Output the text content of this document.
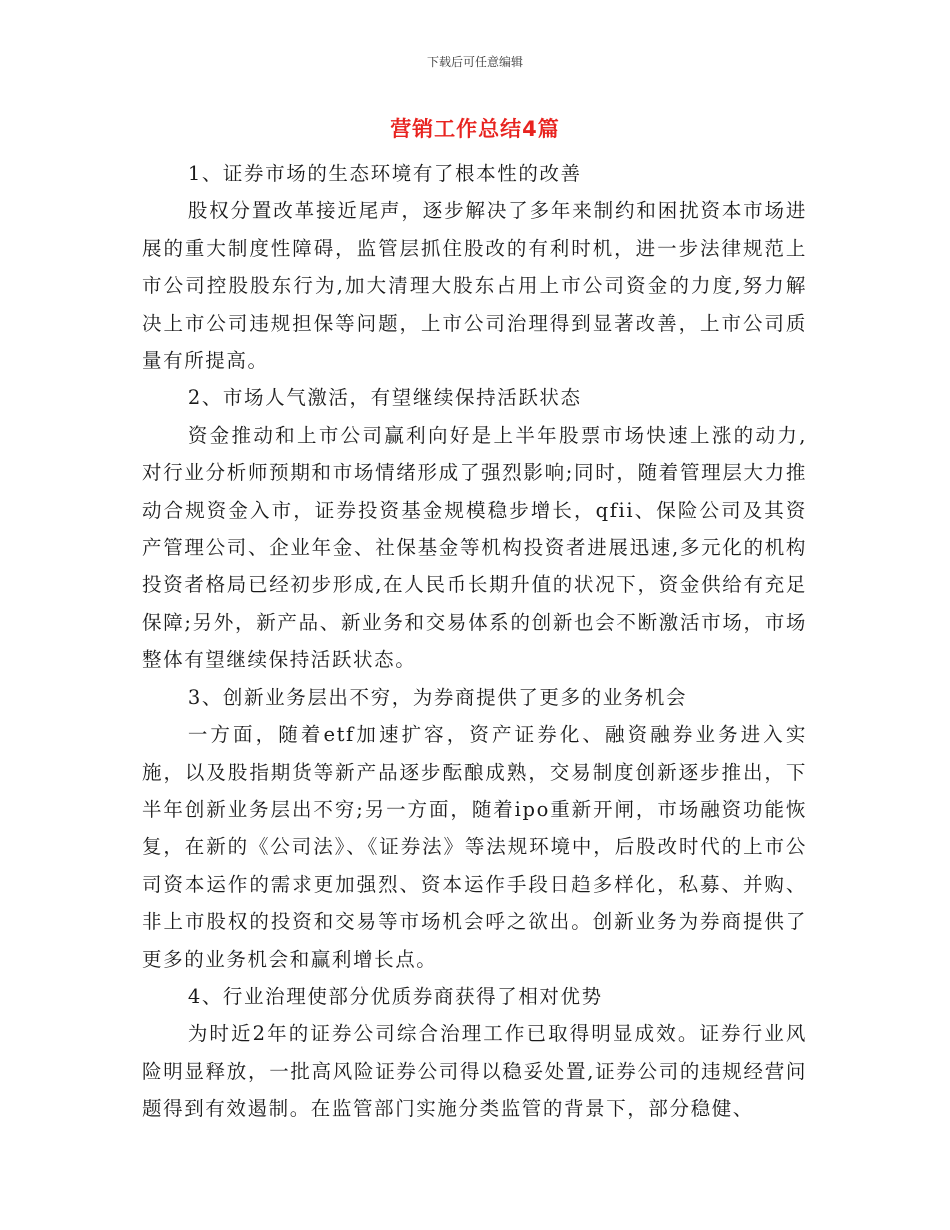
下载后可任意编辑
营销工作总结4篇

1、证券市场的生态环境有了根本性的改善

股权分置改革接近尾声，逐步解决了多年来制约和困扰资本市场进展的重大制度性障碍，监管层抓住股改的有利时机，进一步法律规范上市公司控股股东行为,加大清理大股东占用上市公司资金的力度,努力解决上市公司违规担保等问题，上市公司治理得到显著改善，上市公司质量有所提高。

2、市场人气激活，有望继续保持活跃状态

资金推动和上市公司赢利向好是上半年股票市场快速上涨的动力,对行业分析师预期和市场情绪形成了强烈影响;同时，随着管理层大力推动合规资金入市，证券投资基金规模稳步增长，qfii、保险公司及其资产管理公司、企业年金、社保基金等机构投资者进展迅速,多元化的机构投资者格局已经初步形成,在人民币长期升值的状况下，资金供给有充足保障;另外，新产品、新业务和交易体系的创新也会不断激活市场，市场整体有望继续保持活跃状态。

3、创新业务层出不穷，为券商提供了更多的业务机会

一方面，随着etf加速扩容，资产证券化、融资融券业务进入实施，以及股指期货等新产品逐步酝酿成熟，交易制度创新逐步推出，下半年创新业务层出不穷;另一方面，随着ipo重新开闸，市场融资功能恢复，在新的《公司法》、《证券法》等法规环境中，后股改时代的上市公司资本运作的需求更加强烈、资本运作手段日趋多样化，私募、并购、非上市股权的投资和交易等市场机会呼之欲出。创新业务为券商提供了更多的业务机会和赢利增长点。

4、行业治理使部分优质券商获得了相对优势

为时近2年的证券公司综合治理工作已取得明显成效。证券行业风险明显释放，一批高风险证券公司得以稳妥处置,证券公司的违规经营问题得到有效遏制。在监管部门实施分类监管的背景下，部分稳健、
